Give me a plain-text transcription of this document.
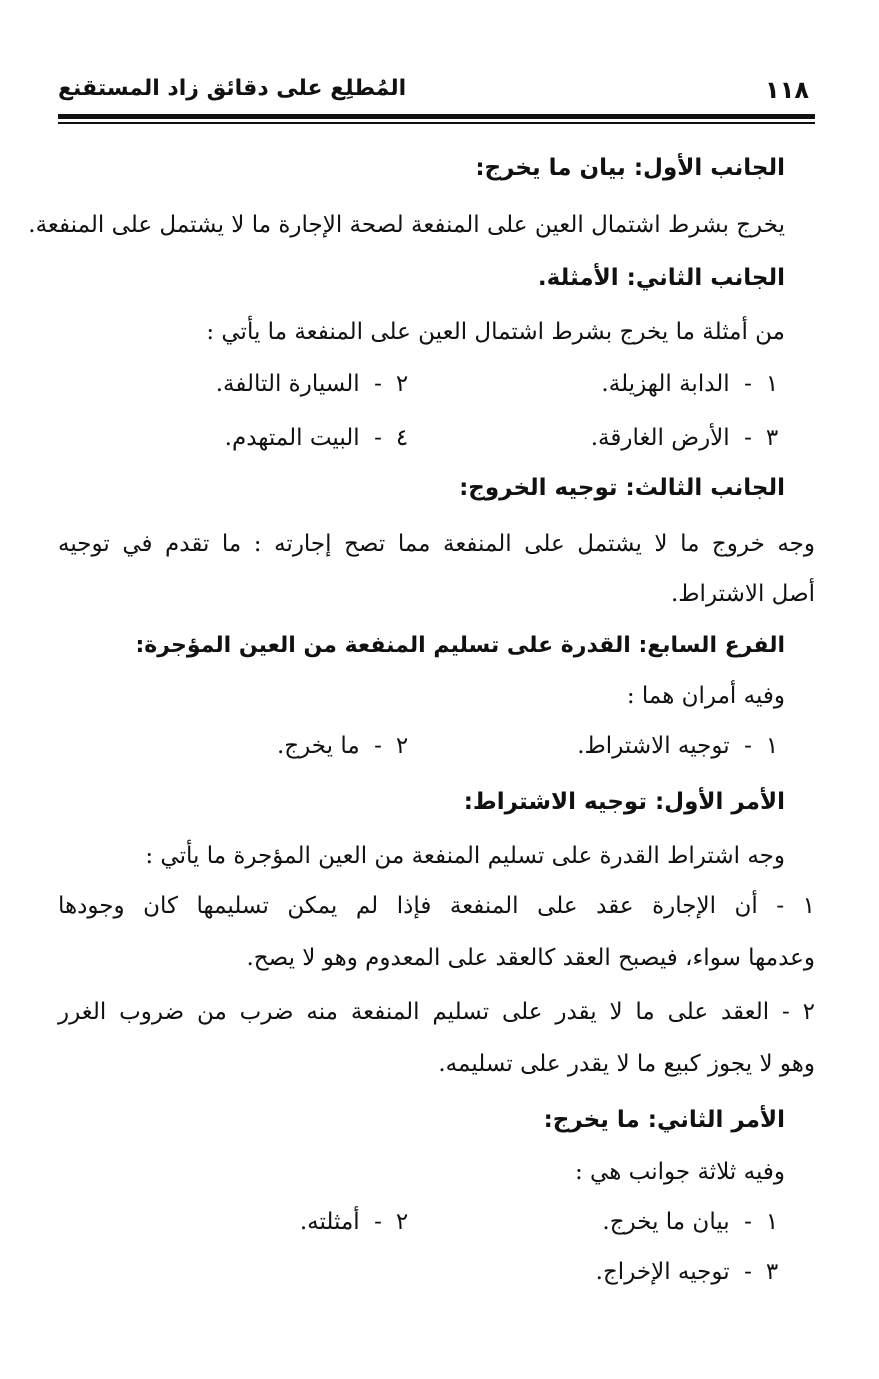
المُطلِع على دقائق زاد المستقنع	١١٨
الجانب الأول: بيان ما يخرج:
يخرج بشرط اشتمال العين على المنفعة لصحة الإجارة ما لا يشتمل على المنفعة.
الجانب الثاني: الأمثلة.
من أمثلة ما يخرج بشرط اشتمال العين على المنفعة ما يأتي :
١- الدابة الهزيلة.
٢- السيارة التالفة.
٣- الأرض الغارقة.
٤- البيت المتهدم.
الجانب الثالث: توجيه الخروج:
وجه خروج ما لا يشتمل على المنفعة مما تصح إجارته : ما تقدم في توجيه
أصل الاشتراط.
الفرع السابع: القدرة على تسليم المنفعة من العين المؤجرة:
وفيه أمران هما :
١- توجيه الاشتراط.
٢- ما يخرج.
الأمر الأول: توجيه الاشتراط:
وجه اشتراط القدرة على تسليم المنفعة من العين المؤجرة ما يأتي :
١ - أن الإجارة عقد على المنفعة فإذا لم يمكن تسليمها كان وجودها
وعدمها سواء، فيصبح العقد كالعقد على المعدوم وهو لا يصح.
٢ - العقد على ما لا يقدر على تسليم المنفعة منه ضرب من ضروب الغرر
وهو لا يجوز كبيع ما لا يقدر على تسليمه.
الأمر الثاني: ما يخرج:
وفيه ثلاثة جوانب هي :
١- بيان ما يخرج.
٢- أمثلته.
٣- توجيه الإخراج.
